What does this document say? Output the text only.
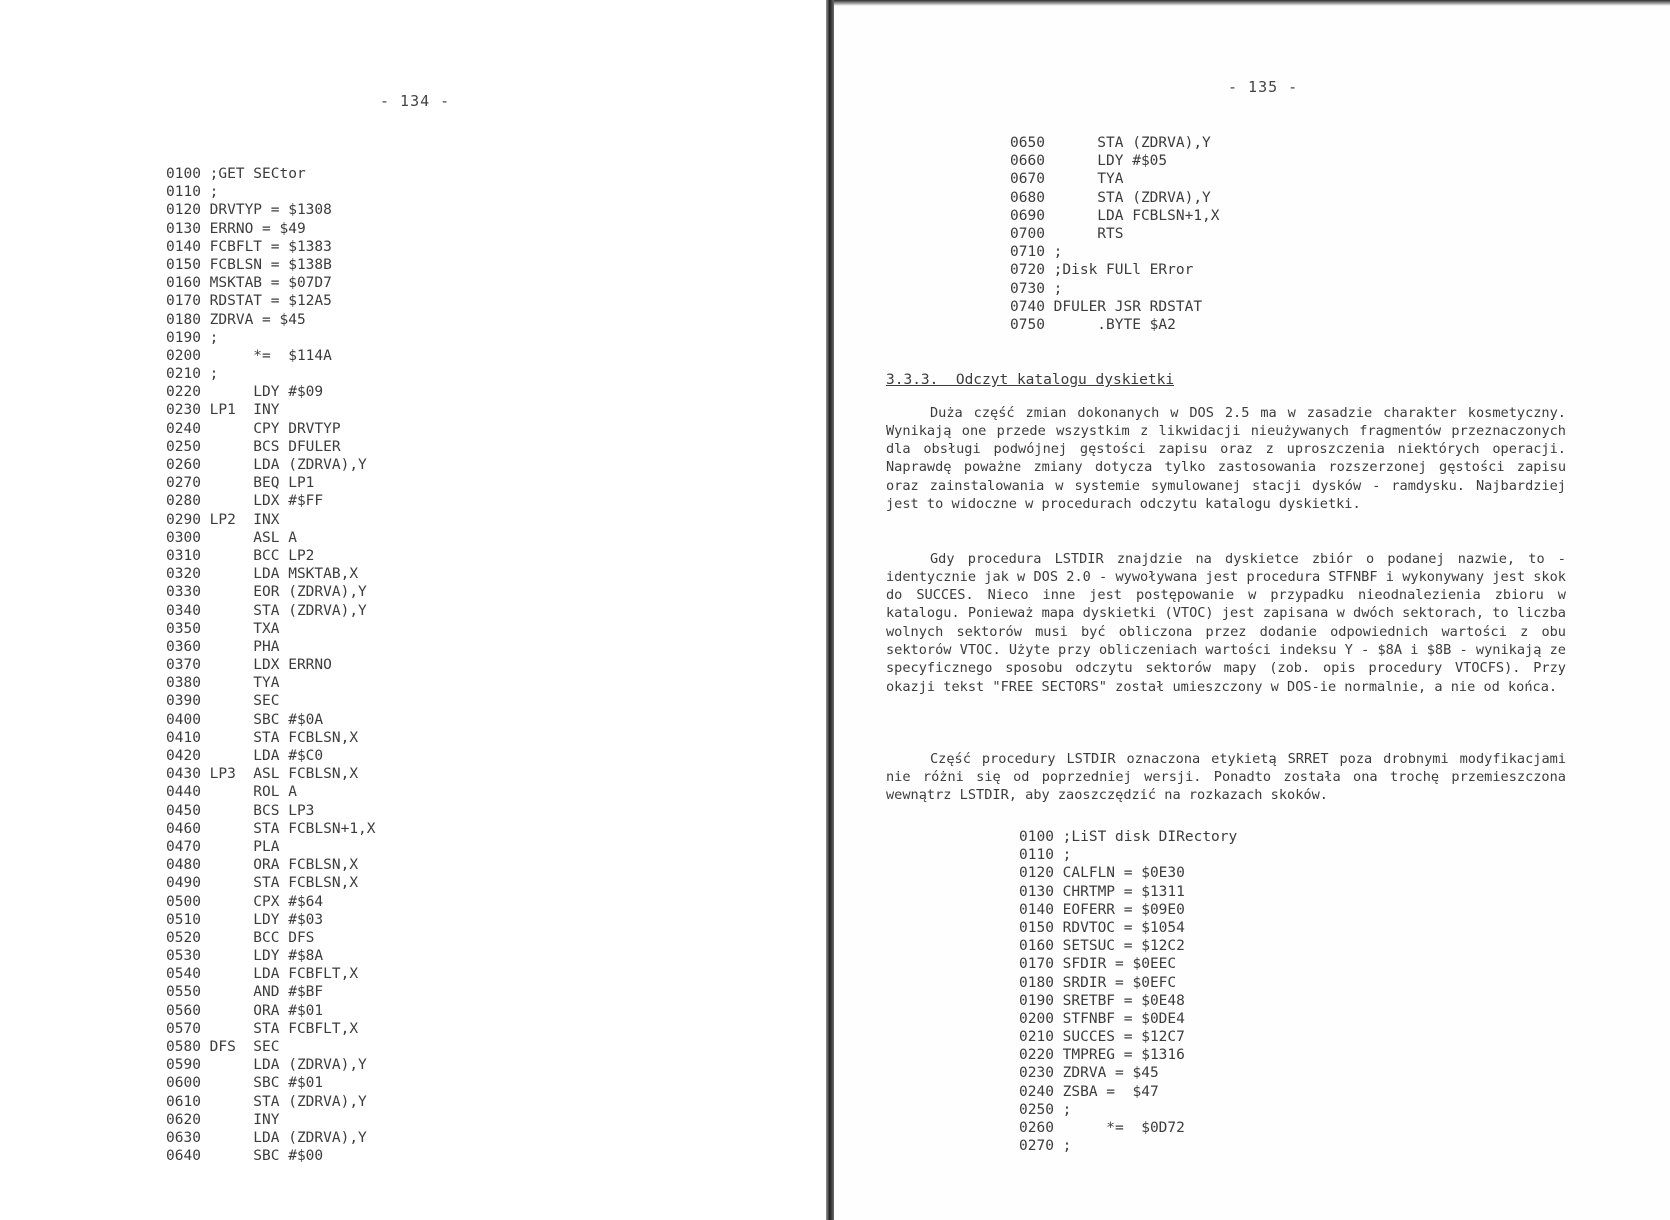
- 134 -
0100 ;GET SECtor
0110 ;
0120 DRVTYP = $1308
0130 ERRNO = $49
0140 FCBFLT = $1383
0150 FCBLSN = $138B
0160 MSKTAB = $07D7
0170 RDSTAT = $12A5
0180 ZDRVA = $45
0190 ;
0200      *=  $114A
0210 ;
0220      LDY #$09
0230 LP1  INY
0240      CPY DRVTYP
0250      BCS DFULER
0260      LDA (ZDRVA),Y
0270      BEQ LP1
0280      LDX #$FF
0290 LP2  INX
0300      ASL A
0310      BCC LP2
0320      LDA MSKTAB,X
0330      EOR (ZDRVA),Y
0340      STA (ZDRVA),Y
0350      TXA
0360      PHA
0370      LDX ERRNO
0380      TYA
0390      SEC
0400      SBC #$0A
0410      STA FCBLSN,X
0420      LDA #$C0
0430 LP3  ASL FCBLSN,X
0440      ROL A
0450      BCS LP3
0460      STA FCBLSN+1,X
0470      PLA
0480      ORA FCBLSN,X
0490      STA FCBLSN,X
0500      CPX #$64
0510      LDY #$03
0520      BCC DFS
0530      LDY #$8A
0540      LDA FCBFLT,X
0550      AND #$BF
0560      ORA #$01
0570      STA FCBFLT,X
0580 DFS  SEC
0590      LDA (ZDRVA),Y
0600      SBC #$01
0610      STA (ZDRVA),Y
0620      INY
0630      LDA (ZDRVA),Y
0640      SBC #$00
- 135 -
0650      STA (ZDRVA),Y
0660      LDY #$05
0670      TYA
0680      STA (ZDRVA),Y
0690      LDA FCBLSN+1,X
0700      RTS
0710 ;
0720 ;Disk FULl ERror
0730 ;
0740 DFULER JSR RDSTAT
0750      .BYTE $A2
3.3.3.  Odczyt katalogu dyskietki

Duża część zmian dokonanych w DOS 2.5 ma w zasadzie charakter kosmetyczny. Wynikają one przede wszystkim z likwidacji nieużywanych fragmentów przeznaczonych dla obsługi podwójnej gęstości zapisu oraz z uproszczenia niektórych operacji. Naprawdę poważne zmiany dotycza tylko zastosowania rozszerzonej gęstości zapisu oraz zainstalowania w systemie symulowanej stacji dysków - ramdysku. Najbardziej jest to widoczne w procedurach odczytu katalogu dyskietki.

Gdy procedura LSTDIR znajdzie na dyskietce zbiór o podanej nazwie, to - identycznie jak w DOS 2.0 - wywoływana jest procedura STFNBF i wykonywany jest skok do SUCCES. Nieco inne jest postępowanie w przypadku nieodnalezienia zbioru w katalogu. Ponieważ mapa dyskietki (VTOC) jest zapisana w dwóch sektorach, to liczba wolnych sektorów musi być obliczona przez dodanie odpowiednich wartości z obu sektorów VTOC. Użyte przy obliczeniach wartości indeksu Y - $8A i $8B - wynikają ze specyficznego sposobu odczytu sektorów mapy (zob. opis procedury VTOCFS). Przy okazji tekst "FREE SECTORS" został umieszczony w DOS-ie normalnie, a nie od końca.

Część procedury LSTDIR oznaczona etykietą SRRET poza drobnymi modyfikacjami nie różni się od poprzedniej wersji. Ponadto została ona trochę przemieszczona wewnątrz LSTDIR, aby zaoszczędzić na rozkazach skoków.

0100 ;LiST disk DIRectory
0110 ;
0120 CALFLN = $0E30
0130 CHRTMP = $1311
0140 EOFERR = $09E0
0150 RDVTOC = $1054
0160 SETSUC = $12C2
0170 SFDIR = $0EEC
0180 SRDIR = $0EFC
0190 SRETBF = $0E48
0200 STFNBF = $0DE4
0210 SUCCES = $12C7
0220 TMPREG = $1316
0230 ZDRVA = $45
0240 ZSBA =  $47
0250 ;
0260      *=  $0D72
0270 ;
